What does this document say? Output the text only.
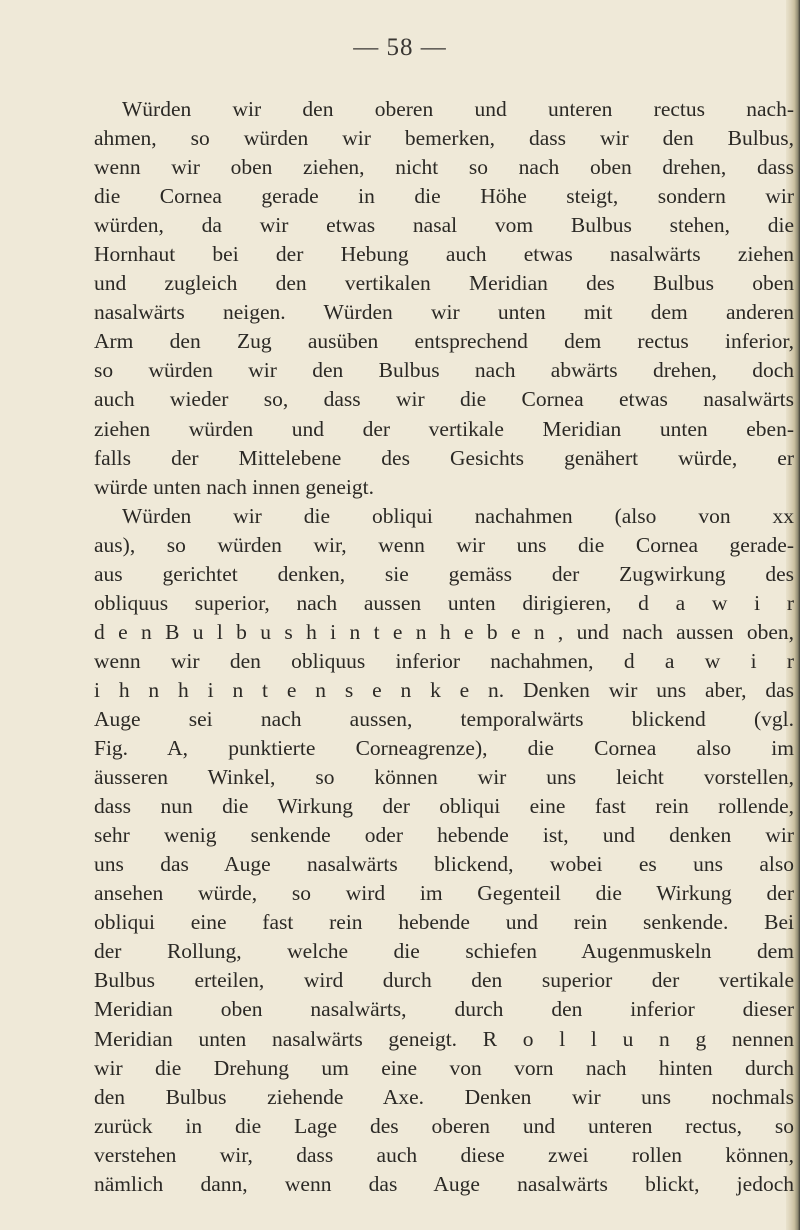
— 58 —
Würden wir den oberen und unteren rectus nach-
ahmen, so würden wir bemerken, dass wir den Bulbus,
wenn wir oben ziehen, nicht so nach oben drehen, dass
die Cornea gerade in die Höhe steigt, sondern wir
würden, da wir etwas nasal vom Bulbus stehen, die
Hornhaut bei der Hebung auch etwas nasalwärts ziehen
und zugleich den vertikalen Meridian des Bulbus oben
nasalwärts neigen. Würden wir unten mit dem anderen
Arm den Zug ausüben entsprechend dem rectus inferior,
so würden wir den Bulbus nach abwärts drehen, doch
auch wieder so, dass wir die Cornea etwas nasalwärts
ziehen würden und der vertikale Meridian unten eben-
falls der Mittelebene des Gesichts genähert würde, er
würde unten nach innen geneigt.
Würden wir die obliqui nachahmen (also von xx
aus), so würden wir, wenn wir uns die Cornea gerade-
aus gerichtet denken, sie gemäss der Zugwirkung des
obliquus superior, nach aussen unten dirigieren, d a w i r
d e n B u l b u s h i n t e n h e b e n , und nach aussen oben,
wenn wir den obliquus inferior nachahmen, d a w i r
i h n h i n t e n s e n k e n. Denken wir uns aber, das
Auge sei nach aussen, temporalwärts blickend (vgl.
Fig. A, punktierte Corneagrenze), die Cornea also im
äusseren Winkel, so können wir uns leicht vorstellen,
dass nun die Wirkung der obliqui eine fast rein rollende,
sehr wenig senkende oder hebende ist, und denken wir
uns das Auge nasalwärts blickend, wobei es uns also
ansehen würde, so wird im Gegenteil die Wirkung der
obliqui eine fast rein hebende und rein senkende. Bei
der Rollung, welche die schiefen Augenmuskeln dem
Bulbus erteilen, wird durch den superior der vertikale
Meridian oben nasalwärts, durch den inferior dieser
Meridian unten nasalwärts geneigt. R o l l u n g nennen
wir die Drehung um eine von vorn nach hinten durch
den Bulbus ziehende Axe. Denken wir uns nochmals
zurück in die Lage des oberen und unteren rectus, so
verstehen wir, dass auch diese zwei rollen können,
nämlich dann, wenn das Auge nasalwärts blickt, jedoch
